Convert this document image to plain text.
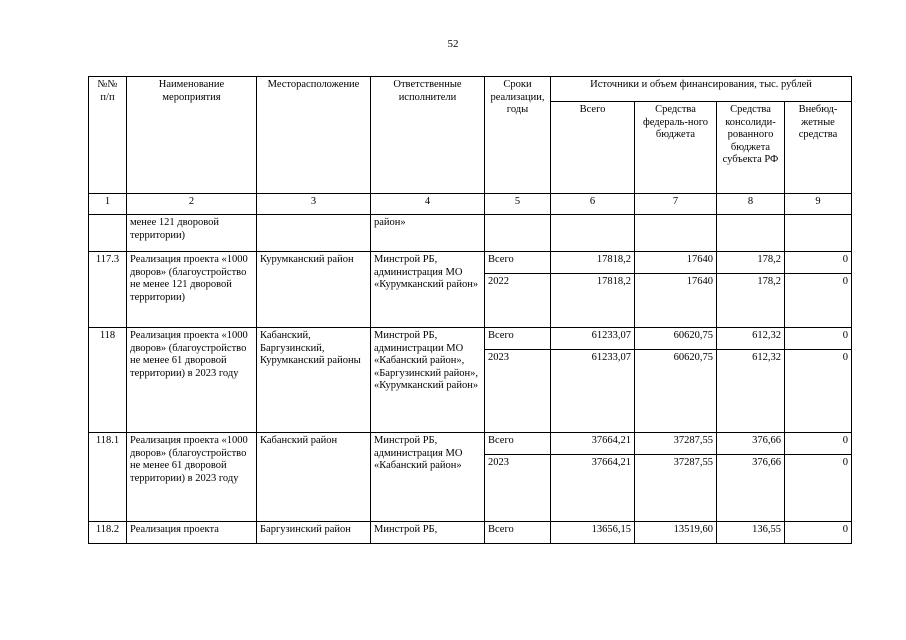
52
№№ п/п	Наименование мероприятия	Месторасположение	Ответственные исполнители	Сроки реализации, годы	Источники и объем финансирования, тыс. рублей			
					Всего	Средства федераль-ного бюджета	Средства консолиди-рованного бюджета субъекта РФ	Внебюд-жетные средства
1	2	3	4	5	6	7	8	9
	менее 121 дворовой территории)		район»					
117.3	Реализация проекта «1000 дворов» (благоустройство не менее 121 дворовой территории)	Курумканский район	Минстрой РБ, администрация МО «Курумканский район»	Всего	17818,2	17640	178,2	0
				2022	17818,2	17640	178,2	0
118	Реализация проекта «1000 дворов» (благоустройство не менее 61 дворовой территории) в 2023 году	Кабанский, Баргузинский, Курумканский районы	Минстрой РБ, администрации МО «Кабанский район», «Баргузинский район», «Курумканский район»	Всего	61233,07	60620,75	612,32	0
				2023	61233,07	60620,75	612,32	0
118.1	Реализация проекта «1000 дворов» (благоустройство не менее 61 дворовой территории) в 2023 году	Кабанский район	Минстрой РБ, администрация МО «Кабанский район»	Всего	37664,21	37287,55	376,66	0
				2023	37664,21	37287,55	376,66	0
118.2	Реализация проекта	Баргузинский район	Минстрой РБ,	Всего	13656,15	13519,60	136,55	0
